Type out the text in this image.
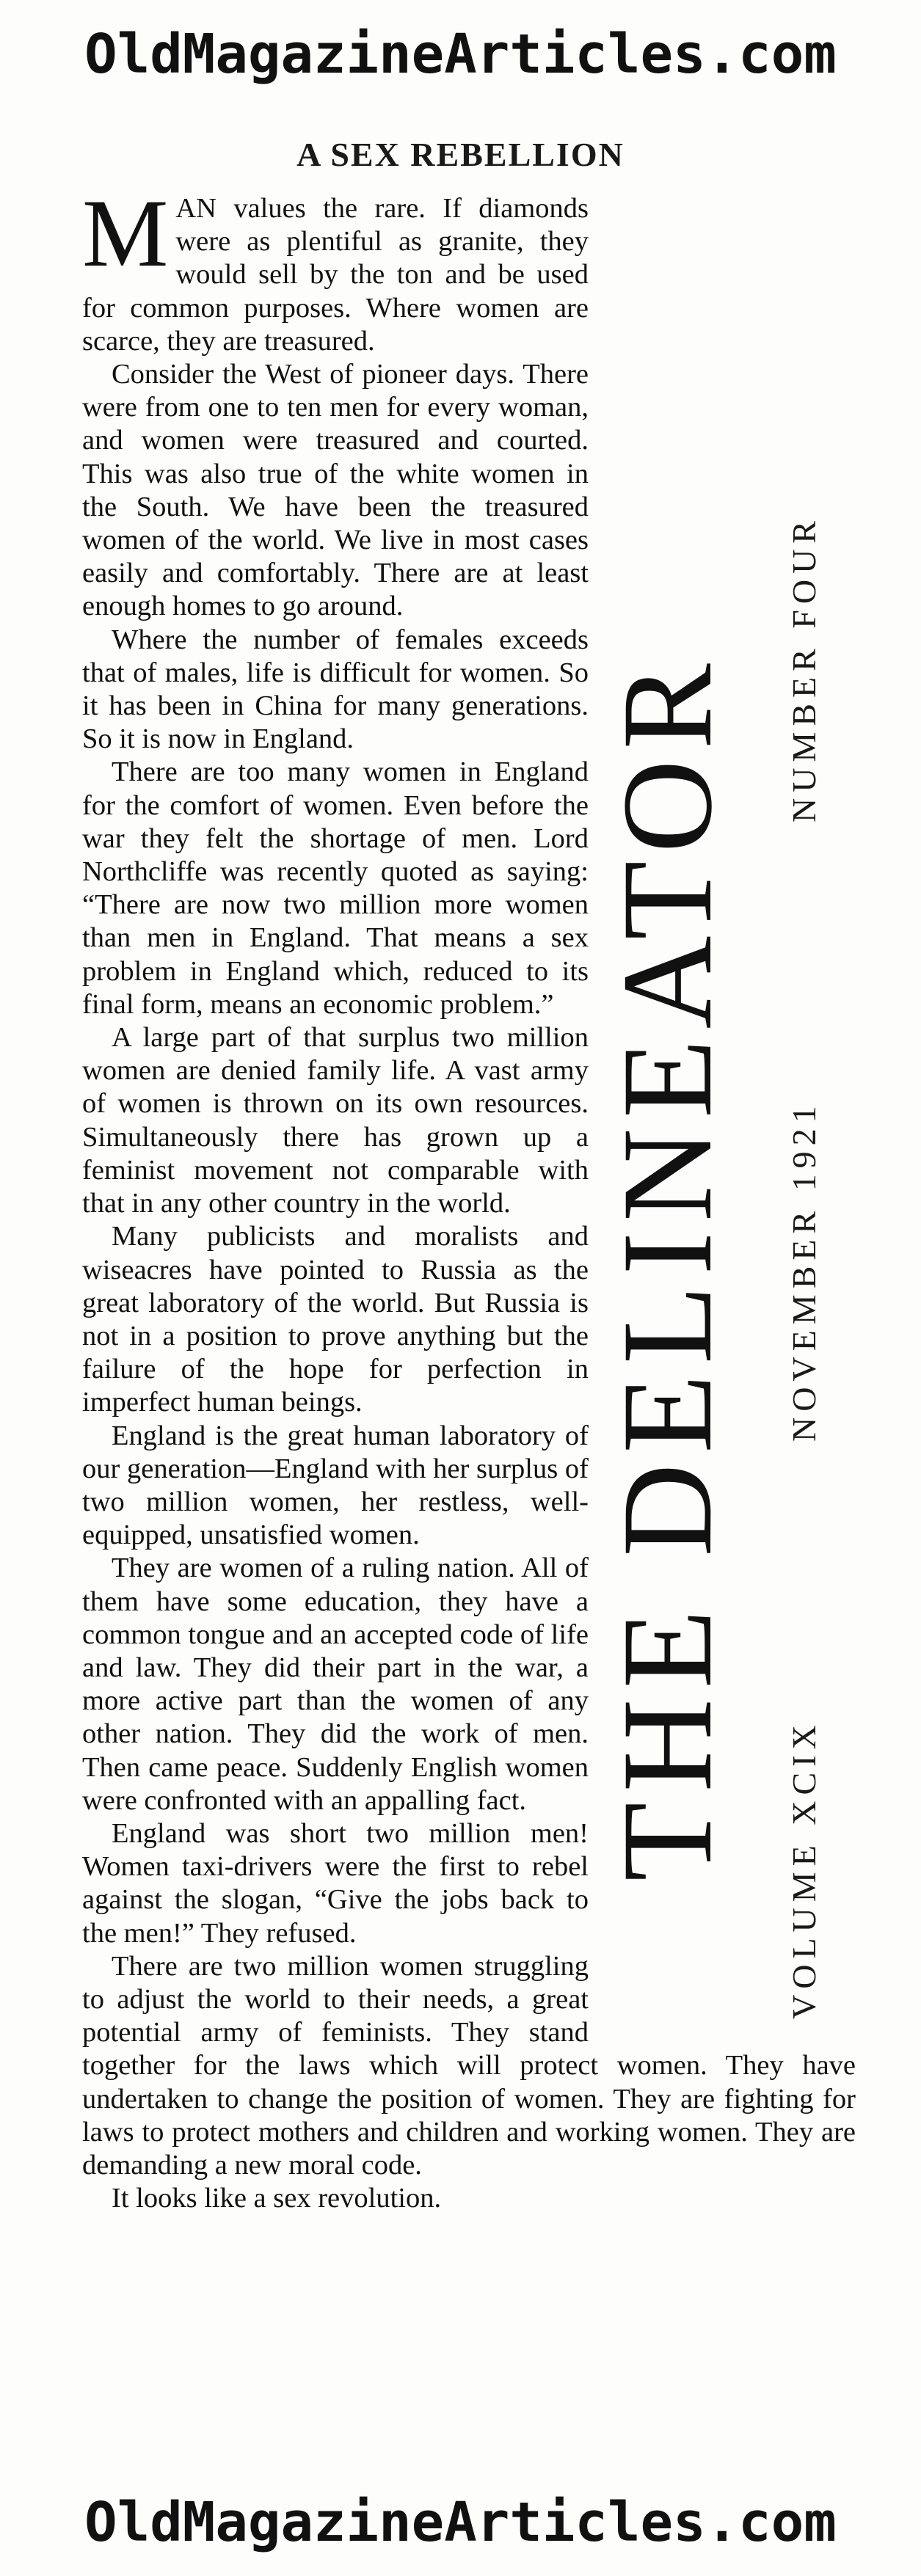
OldMagazineArticles.com
A SEX REBELLION
THE DELINEATOR	VOLUME XCIX
NOVEMBER 1921
NUMBER FOUR

MAN values the rare. If diamonds were as plentiful as granite, they would sell by the ton and be used for common purposes. Where women are scarce, they are treasured.

Consider the West of pioneer days. There were from one to ten men for every woman, and women were treasured and courted. This was also true of the white women in the South. We have been the treasured women of the world. We live in most cases easily and comfortably. There are at least enough homes to go around.

Where the number of females exceeds that of males, life is difficult for women. So it has been in China for many generations. So it is now in England.

There are too many women in England for the comfort of women. Even before the war they felt the shortage of men. Lord Northcliffe was recently quoted as saying: “There are now two million more women than men in England. That means a sex problem in England which, reduced to its final form, means an economic problem.”

A large part of that surplus two million women are denied family life. A vast army of women is thrown on its own resources. Simultaneously there has grown up a feminist movement not comparable with that in any other country in the world.

Many publicists and moralists and wiseacres have pointed to Russia as the great laboratory of the world. But Russia is not in a position to prove anything but the failure of the hope for perfection in imperfect human beings.

England is the great human laboratory of our generation—England with her surplus of two million women, her restless, well-equipped, unsatisfied women.

They are women of a ruling nation. All of them have some education, they have a common tongue and an accepted code of life and law. They did their part in the war, a more active part than the women of any other nation. They did the work of men. Then came peace. Suddenly English women were confronted with an appalling fact.

England was short two million men! Women taxi-drivers were the first to rebel against the slogan, “Give the jobs back to the men!” They refused.

There are two million women struggling to adjust the world to their needs, a great potential army of feminists. They stand together for the laws which will protect women. They have undertaken to change the position of women. They are fighting for laws to protect mothers and children and working women. They are demanding a new moral code.

It looks like a sex revolution.

OldMagazineArticles.com
